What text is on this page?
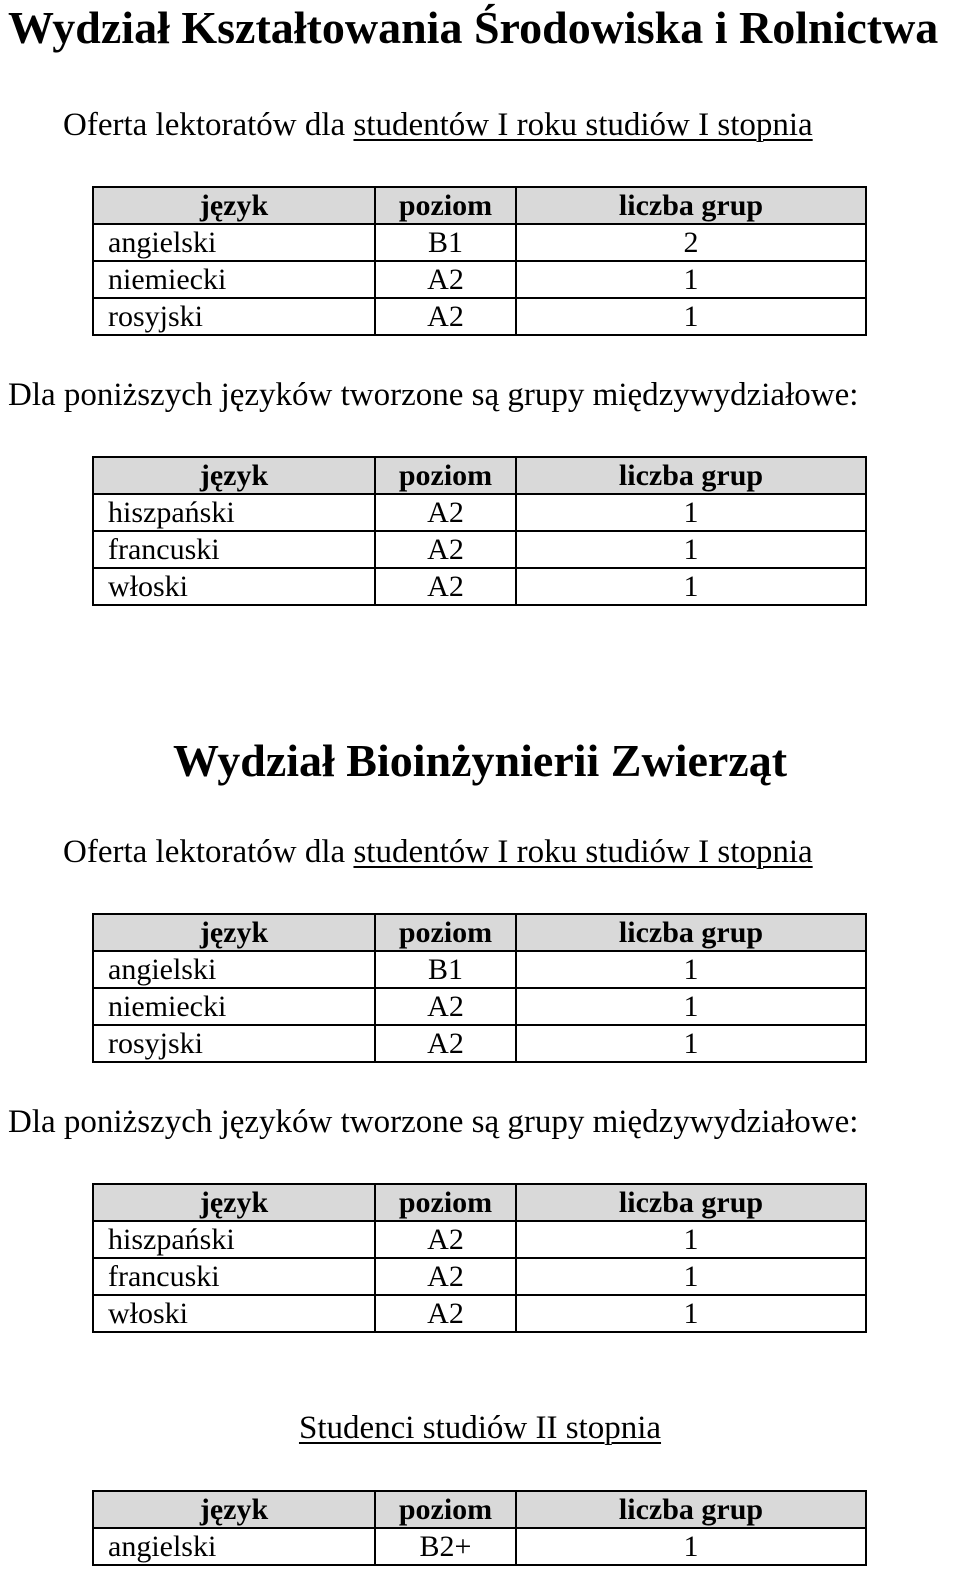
Wydział Kształtowania Środowiska i Rolnictwa
Oferta lektoratów dla studentów I roku studiów I stopnia
język	poziom	liczba grup
angielski	B1	2
niemiecki	A2	1
rosyjski	A2	1
Dla poniższych języków tworzone są grupy międzywydziałowe:
język	poziom	liczba grup
hiszpański	A2	1
francuski	A2	1
włoski	A2	1
Wydział Bioinżynierii Zwierząt
Oferta lektoratów dla studentów I roku studiów I stopnia
język	poziom	liczba grup
angielski	B1	1
niemiecki	A2	1
rosyjski	A2	1
Dla poniższych języków tworzone są grupy międzywydziałowe:
język	poziom	liczba grup
hiszpański	A2	1
francuski	A2	1
włoski	A2	1
Studenci studiów II stopnia
język	poziom	liczba grup
angielski	B2+	1
